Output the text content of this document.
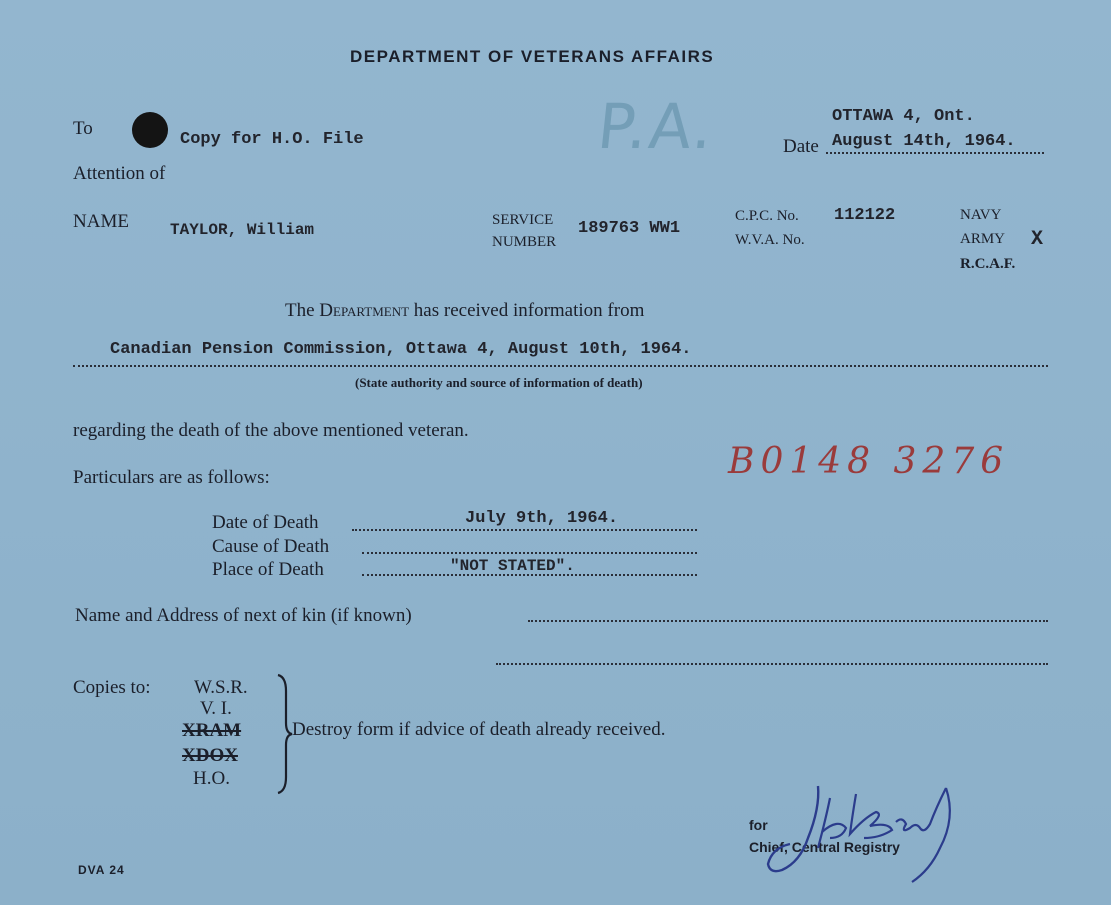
DEPARTMENT OF VETERANS AFFAIRS
To
Copy for H.O. File
Attention of
P.A.	OTTAWA 4, Ont.
Date August 14th, 1964.
NAME	TAYLOR, William
SERVICE
NUMBER
189763 WW1
C.P.C. No. 112122
W.V.A. No.
NAVY
ARMY X
R.C.A.F.
The Department has received information from
Canadian Pension Commission, Ottawa 4, August 10th, 1964.
(State authority and source of information of death)
regarding the death of the above mentioned veteran.
Particulars are as follows:	B0148 3276
Date of Death	July 9th, 1964.
Cause of Death
Place of Death	"NOT STATED".
Name and Address of next of kin (if known)
Copies to: W.S.R.
V. I.
XRAM
XDOX
H.O.
Destroy form if advice of death already received.
for
Chief, Central Registry
DVA 24
